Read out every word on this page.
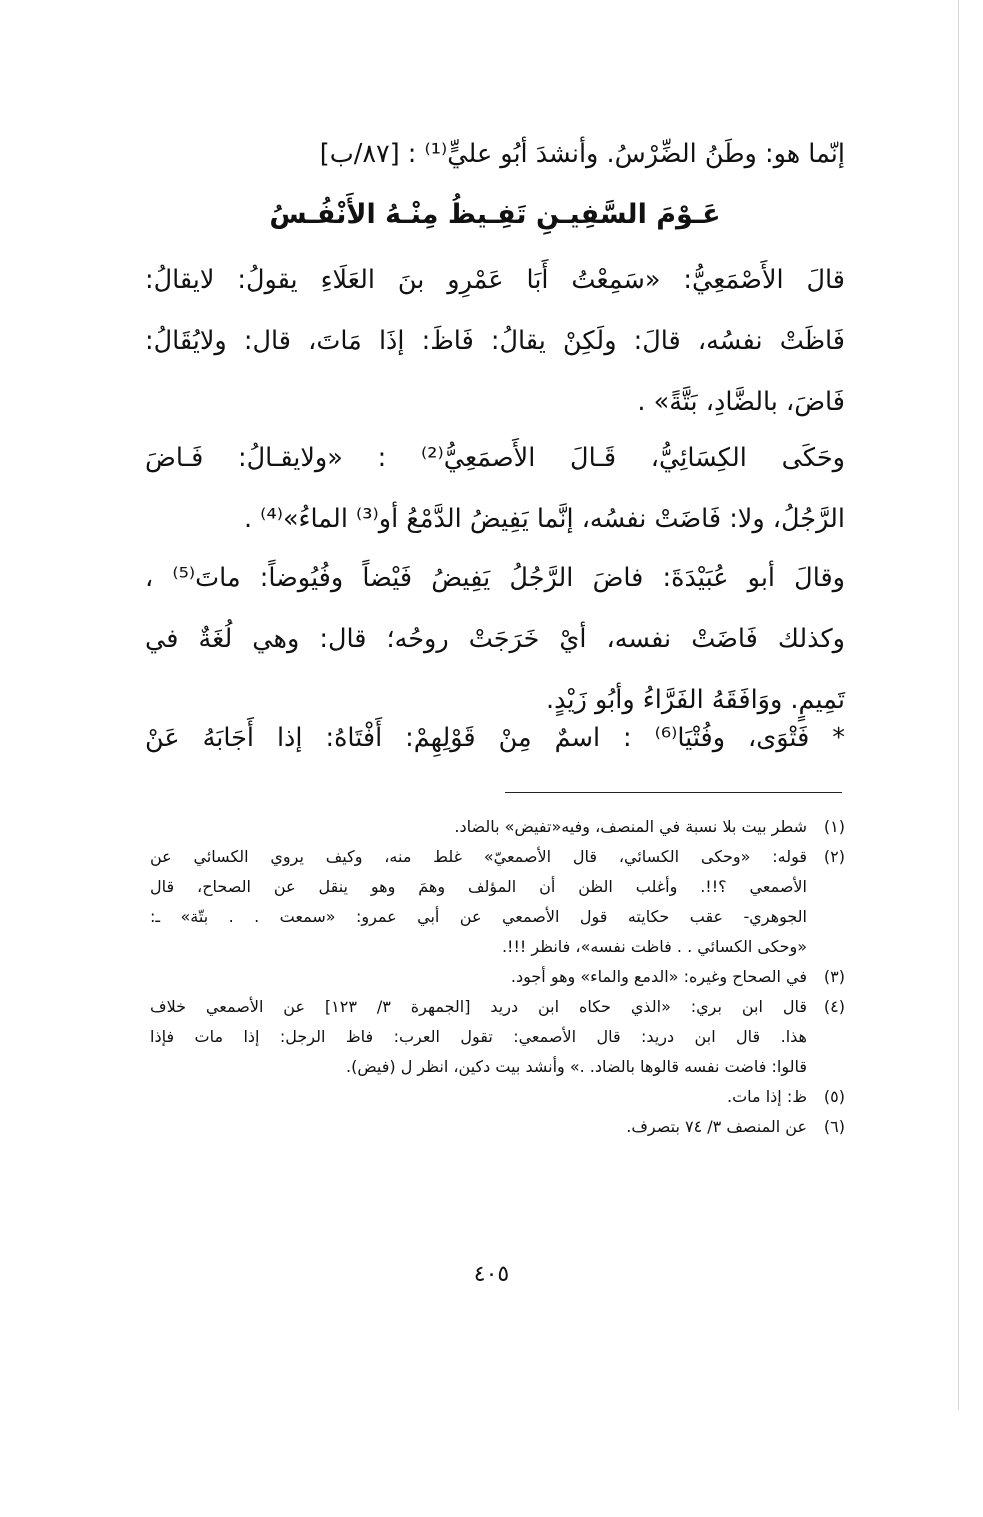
إنّما هو: وطَنُ الضِّرْسُ. وأنشدَ أبُو عليٍّ⁽¹⁾ : [٨٧/ب]
عَـوْمَ السَّفِيـنِ تَفِـيظُ مِنْـهُ الأَنْفُـسُ
قالَ الأَصْمَعِيُّ: «سَمِعْتُ أَبَا عَمْرِو بنَ العَلَاءِ يقولُ: لايقالُ:
فَاظَتْ نفسُه، قالَ: ولَكِنْ يقالُ: فَاظَ: إذَا مَاتَ، قال: ولايُقَالُ:
فَاضَ، بالضَّادِ، بَتَّةً» .
وحَكَى الكِسَائِيُّ، قَـالَ الأَصمَعِيُّ⁽²⁾ : «ولايقـالُ: فَـاضَ
الرَّجُلُ، ولا: فَاضَتْ نفسُه، إنَّما يَفِيضُ الدَّمْعُ أو⁽³⁾ الماءُ»⁽⁴⁾ .
وقالَ أبو عُبَيْدَةَ: فاضَ الرَّجُلُ يَفِيضُ فَيْضاً وفُيُوضاً: ماتَ⁽⁵⁾ ،
وكذلك فَاضَتْ نفسه، أيْ خَرَجَتْ روحُه؛ قال: وهي لُغَةٌ في
تَمِيمٍ. ووَافَقَهُ الفَرَّاءُ وأبُو زَيْدٍ.
* فَتْوَى، وفُتْيَا⁽⁶⁾ : اسمٌ مِنْ قَوْلِهِمْ: أَفْتَاهُ: إذا أَجَابَهُ عَنْ
(١)
شطر بيت بلا نسبة في المنصف، وفيه«تفيض» بالضاد.
(٢)
قوله: «وحكى الكسائي، قال الأصمعيّ» غلط منه، وكيف يروي الكسائي عن
الأصمعي ؟!!. وأغلب الظن أن المؤلف وهمَ وهو ينقل عن الصحاح، قال
الجوهري- عقب حكايته قول الأصمعي عن أبي عمرو: «سمعت . . بتّة» ـ:
«وحكى الكسائي . . فاظت نفسه»، فانظر !!!.
(٣)
في الصحاح وغيره: «الدمع والماء» وهو أجود.
(٤)
قال ابن بري: «الذي حكاه ابن دريد [الجمهرة ٣/ ١٢٣] عن الأصمعي خلاف
هذا. قال ابن دريد: قال الأصمعي: تقول العرب: فاظ الرجل: إذا مات فإذا
قالوا: فاضت نفسه قالوها بالضاد. .» وأنشد بيت دكين، انظر ل (فيض).
(٥)
ظ: إذا مات.
(٦)
عن المنصف ٣/ ٧٤ بتصرف.
٤٠٥
